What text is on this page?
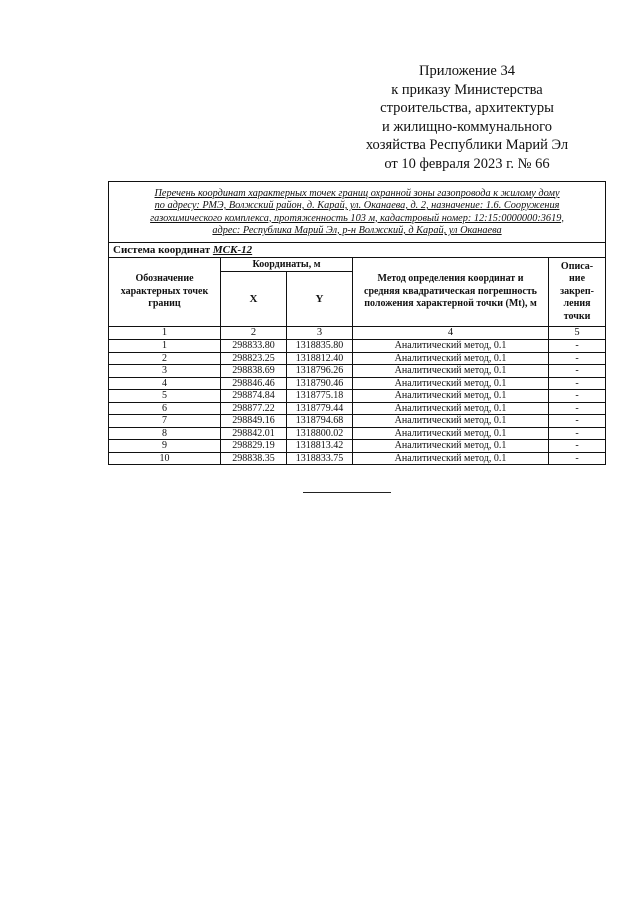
Приложение 34
к приказу Министерства
строительства, архитектуры
и жилищно-коммунального
хозяйства Республики Марий Эл
от 10 февраля 2023 г. № 66
Перечень координат характерных точек границ охранной зоны газопровода к жилому дому
по адресу: РМЭ, Волжский район, д. Карай, ул. Оканаева, д. 2, назначение: 1.6. Сооружения
газохимического комплекса, протяженность 103 м, кадастровый номер: 12:15:0000000:3619,
адрес: Республика Марий Эл, р-н Волжский, д Карай, ул Оканаева				

Система координат МСК-12				
Обозначение характерных точек границ	Координаты, м		Метод определения координат и средняя квадратическая погрешность положения характерной точки (Mt), м	Описа-ние закреп-ления точки
	X	Y		
1	2	3	4	5
1	298833.80	1318835.80	Аналитический метод, 0.1	-
2	298823.25	1318812.40	Аналитический метод, 0.1	-
3	298838.69	1318796.26	Аналитический метод, 0.1	-
4	298846.46	1318790.46	Аналитический метод, 0.1	-
5	298874.84	1318775.18	Аналитический метод, 0.1	-
6	298877.22	1318779.44	Аналитический метод, 0.1	-
7	298849.16	1318794.68	Аналитический метод, 0.1	-
8	298842.01	1318800.02	Аналитический метод, 0.1	-
9	298829.19	1318813.42	Аналитический метод, 0.1	-
10	298838.35	1318833.75	Аналитический метод, 0.1	-
